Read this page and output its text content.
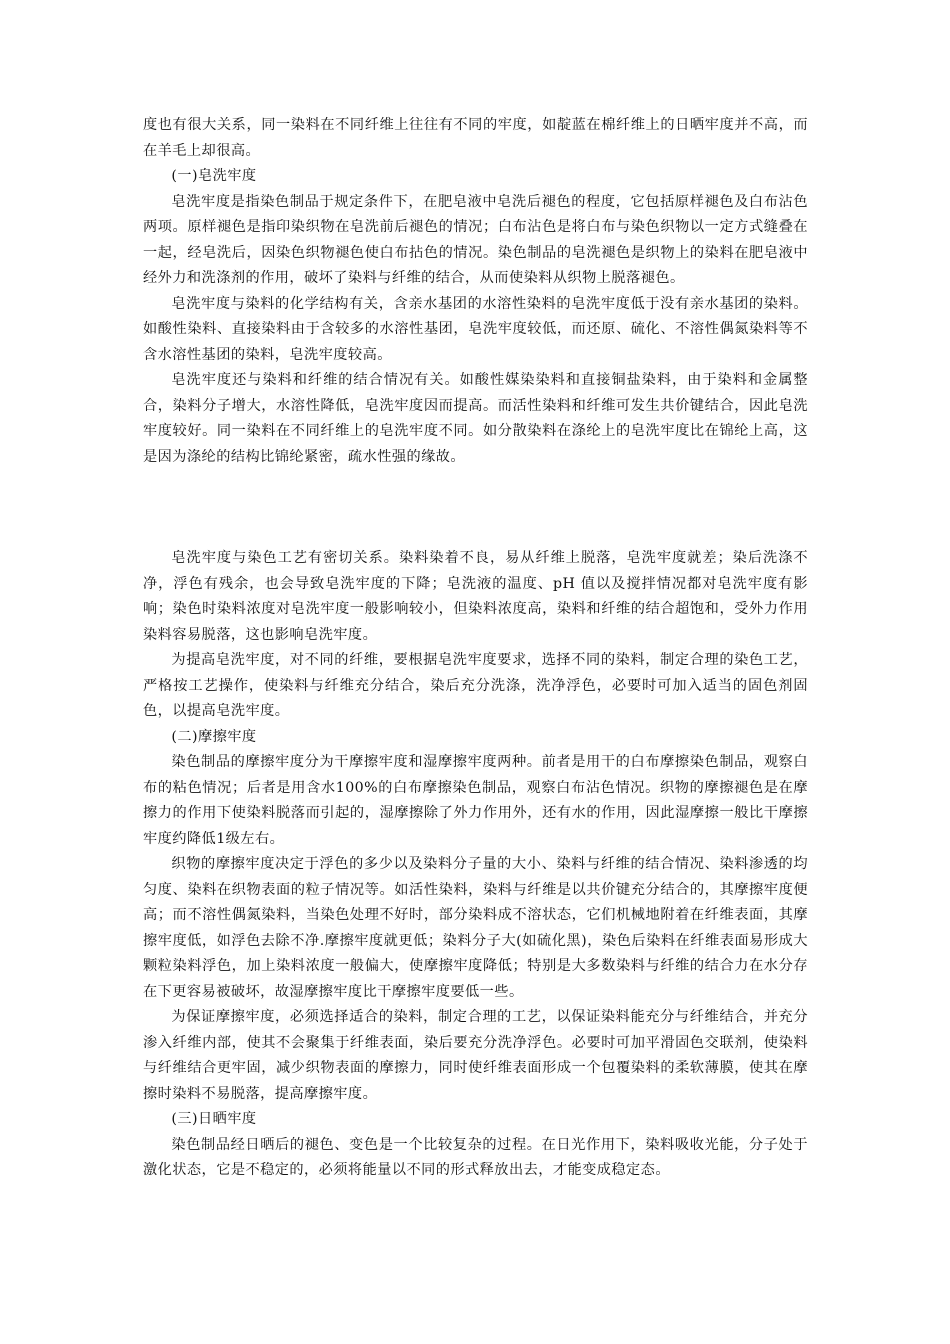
度也有很大关系，同一染料在不同纤维上往往有不同的牢度，如靛蓝在棉纤维上的日晒牢度并不高，而在羊毛上却很高。

(一)皂洗牢度

皂洗牢度是指染色制品于规定条件下，在肥皂液中皂洗后褪色的程度，它包括原样褪色及白布沾色两项。原样褪色是指印染织物在皂洗前后褪色的情况；白布沾色是将白布与染色织物以一定方式缝叠在一起，经皂洗后，因染色织物褪色使白布拈色的情况。染色制品的皂洗褪色是织物上的染料在肥皂液中经外力和洗涤剂的作用，破坏了染料与纤维的结合，从而使染料从织物上脱落褪色。

皂洗牢度与染料的化学结构有关，含亲水基团的水溶性染料的皂洗牢度低于没有亲水基团的染料。如酸性染料、直接染料由于含较多的水溶性基团，皂洗牢度较低，而还原、硫化、不溶性偶氮染料等不含水溶性基团的染料，皂洗牢度较高。

皂洗牢度还与染料和纤维的结合情况有关。如酸性媒染染料和直接铜盐染料，由于染料和金属整合，染料分子增大，水溶性降低，皂洗牢度因而提高。而活性染料和纤维可发生共价键结合，因此皂洗牢度较好。同一染料在不同纤维上的皂洗牢度不同。如分散染料在涤纶上的皂洗牢度比在锦纶上高，这是因为涤纶的结构比锦纶紧密，疏水性强的缘故。

皂洗牢度与染色工艺有密切关系。染料染着不良，易从纤维上脱落，皂洗牢度就差；染后洗涤不净，浮色有残余，也会导致皂洗牢度的下降；皂洗液的温度、pH 值以及搅拌情况都对皂洗牢度有影响；染色时染料浓度对皂洗牢度一般影响较小，但染料浓度高，染料和纤维的结合超饱和，受外力作用染料容易脱落，这也影响皂洗牢度。

为提高皂洗牢度，对不同的纤维，要根据皂洗牢度要求，选择不同的染料，制定合理的染色工艺，严格按工艺操作，使染料与纤维充分结合，染后充分洗涤，洗净浮色，必要时可加入适当的固色剂固色，以提高皂洗牢度。

(二)摩擦牢度

染色制品的摩擦牢度分为干摩擦牢度和湿摩擦牢度两种。前者是用干的白布摩擦染色制品，观察白布的粘色情况；后者是用含水100%的白布摩擦染色制品，观察白布沾色情况。织物的摩擦褪色是在摩擦力的作用下使染料脱落而引起的，湿摩擦除了外力作用外，还有水的作用，因此湿摩擦一般比干摩擦牢度约降低1级左右。

织物的摩擦牢度决定于浮色的多少以及染料分子量的大小、染料与纤维的结合情况、染料渗透的均匀度、染料在织物表面的粒子情况等。如活性染料，染料与纤维是以共价键充分结合的，其摩擦牢度便高；而不溶性偶氮染料，当染色处理不好时，部分染料成不溶状态，它们机械地附着在纤维表面，其摩擦牢度低，如浮色去除不净.摩擦牢度就更低；染料分子大(如硫化黑)，染色后染料在纤维表面易形成大颗粒染料浮色，加上染料浓度一般偏大，使摩擦牢度降低；特别是大多数染料与纤维的结合力在水分存在下更容易被破坏，故湿摩擦牢度比干摩擦牢度要低一些。

为保证摩擦牢度，必须选择适合的染料，制定合理的工艺，以保证染料能充分与纤维结合，并充分渗入纤维内部，使其不会聚集于纤维表面，染后要充分洗净浮色。必要时可加平滑固色交联剂，使染料与纤维结合更牢固，减少织物表面的摩擦力，同时使纤维表面形成一个包覆染料的柔软薄膜，使其在摩擦时染料不易脱落，提高摩擦牢度。

(三)日晒牢度

染色制品经日晒后的褪色、变色是一个比较复杂的过程。在日光作用下，染料吸收光能，分子处于激化状态，它是不稳定的，必须将能量以不同的形式释放出去，才能变成稳定态。
